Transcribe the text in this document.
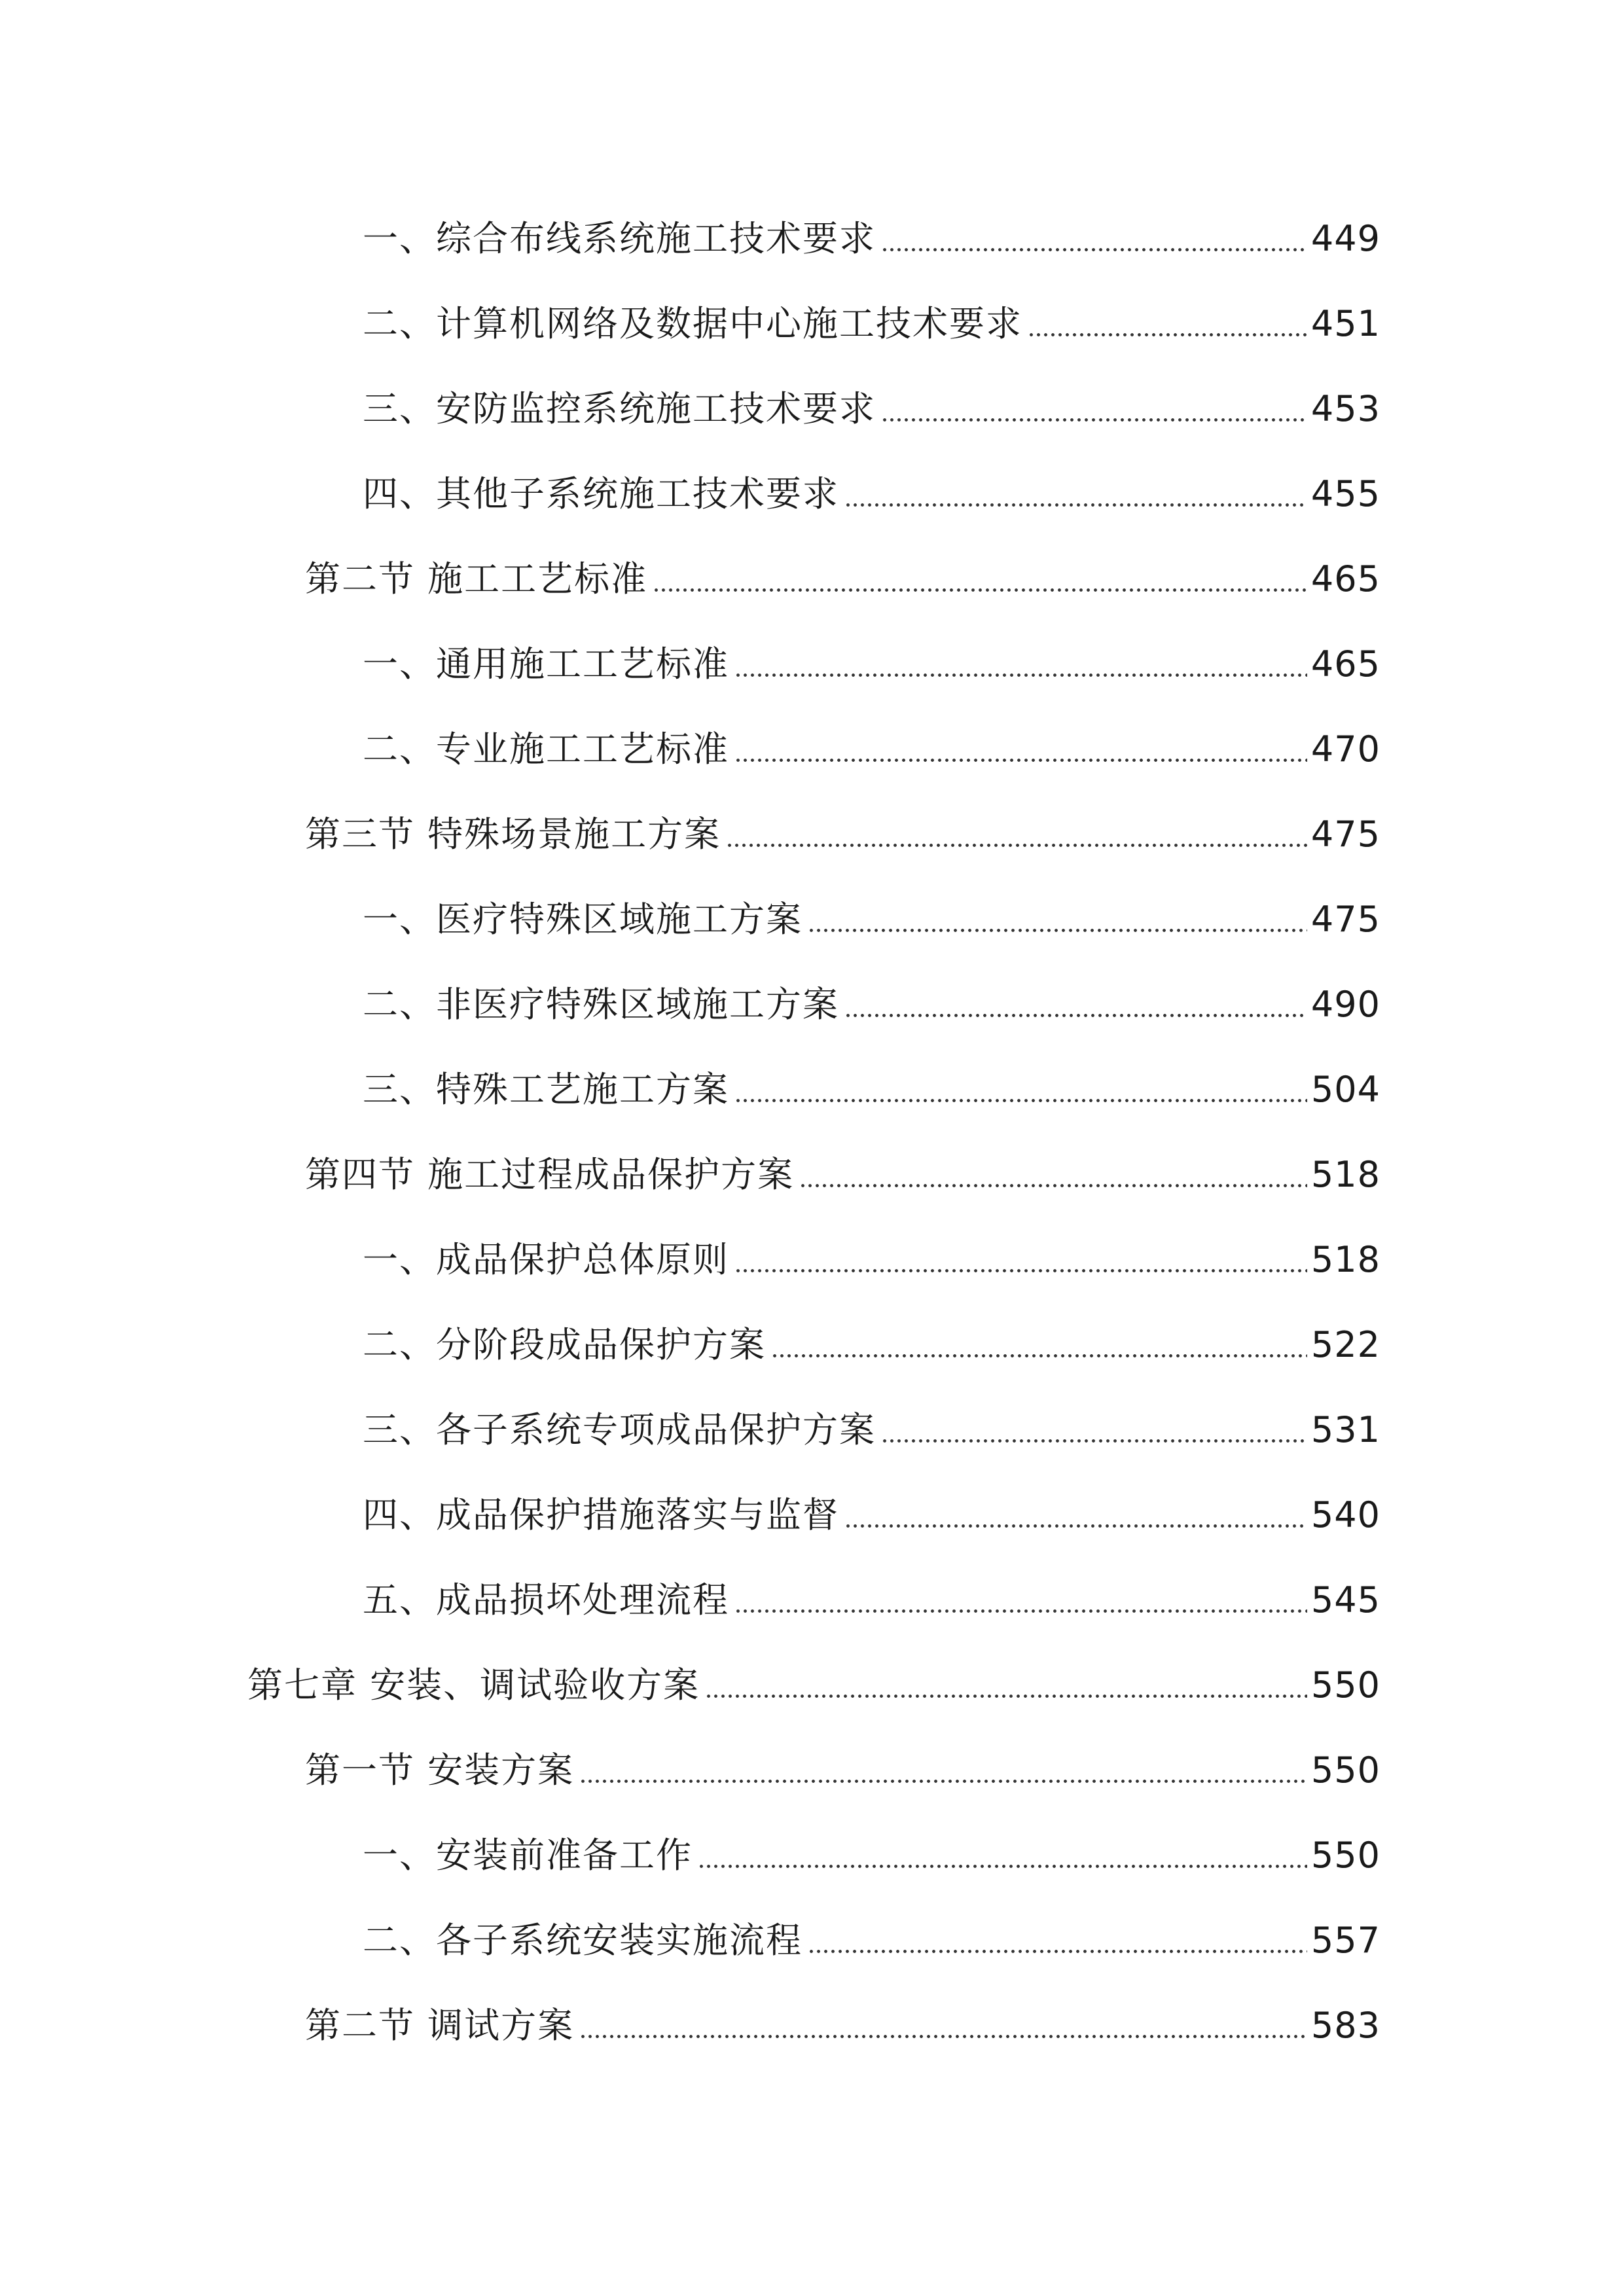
一、综合布线系统施工技术要求	449
二、计算机网络及数据中心施工技术要求	451
三、安防监控系统施工技术要求	453
四、其他子系统施工技术要求	455
第二节 施工工艺标准	465
一、通用施工工艺标准	465
二、专业施工工艺标准	470
第三节 特殊场景施工方案	475
一、医疗特殊区域施工方案	475
二、非医疗特殊区域施工方案	490
三、特殊工艺施工方案	504
第四节 施工过程成品保护方案	518
一、成品保护总体原则	518
二、分阶段成品保护方案	522
三、各子系统专项成品保护方案	531
四、成品保护措施落实与监督	540
五、成品损坏处理流程	545
第七章 安装、调试验收方案	550
第一节 安装方案	550
一、安装前准备工作	550
二、各子系统安装实施流程	557
第二节 调试方案	583
